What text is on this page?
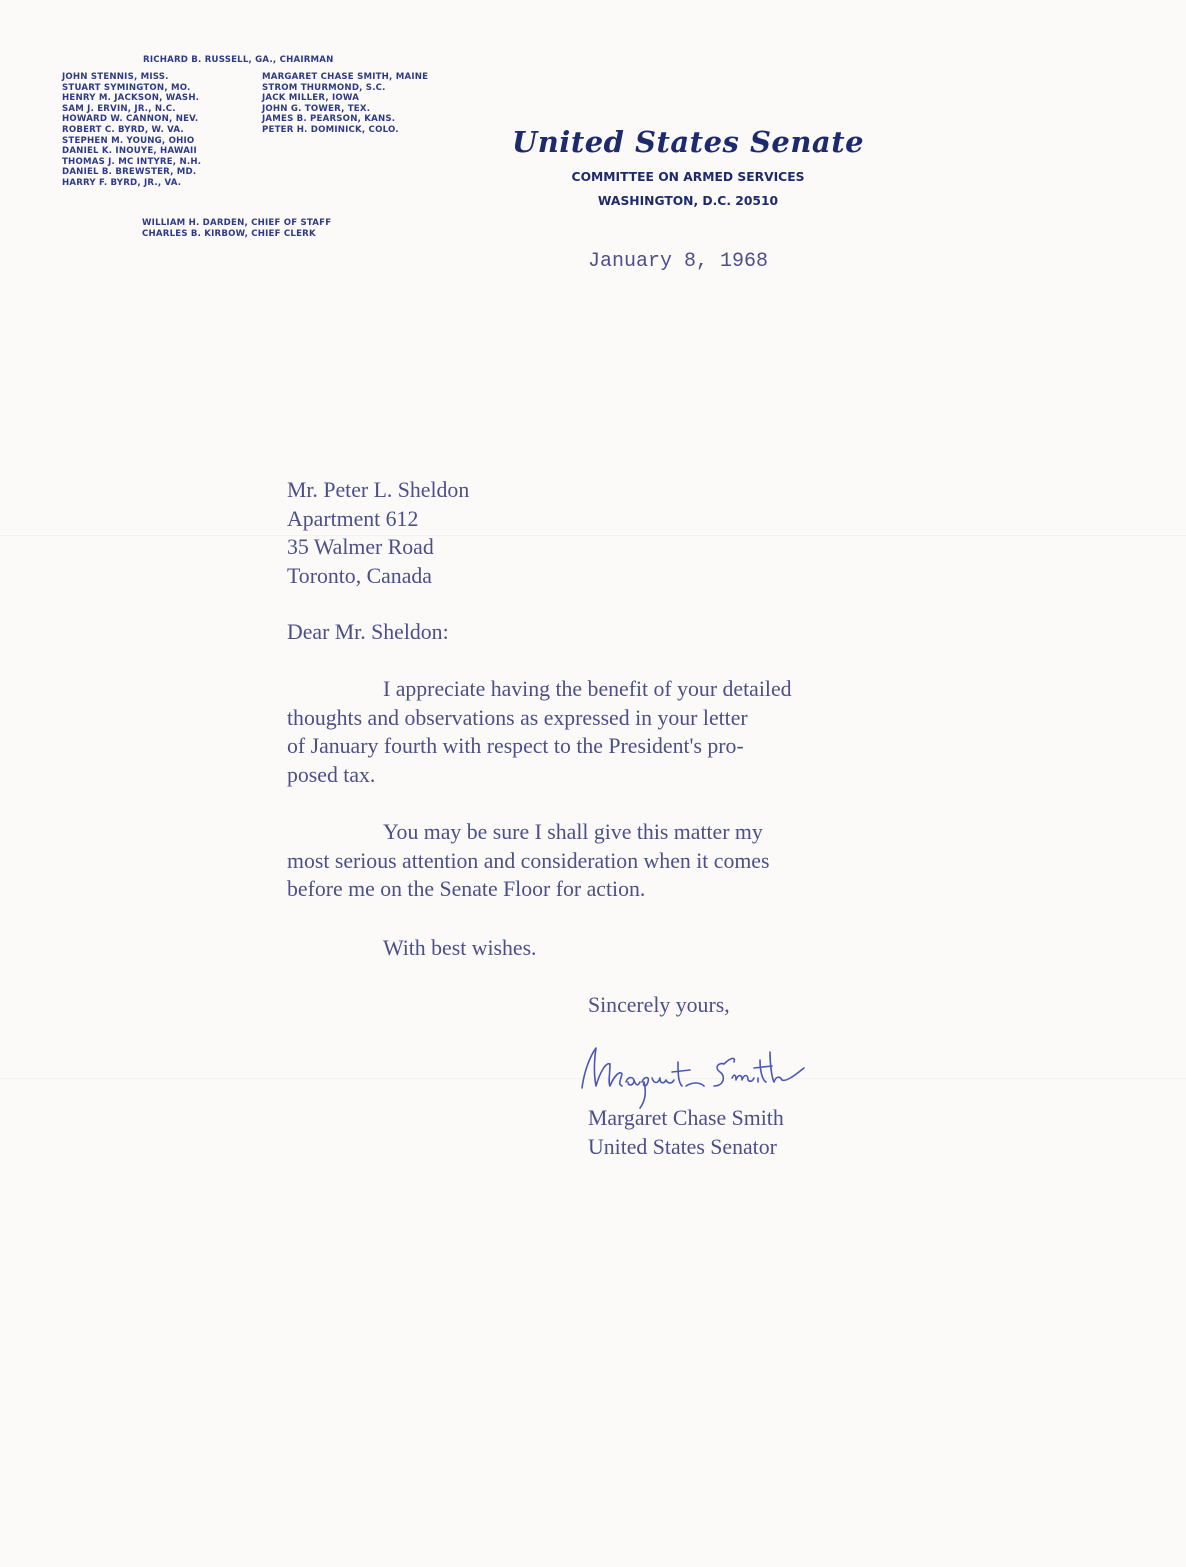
RICHARD B. RUSSELL, GA., CHAIRMAN
JOHN STENNIS, MISS.
STUART SYMINGTON, MO.
HENRY M. JACKSON, WASH.
SAM J. ERVIN, JR., N.C.
HOWARD W. CANNON, NEV.
ROBERT C. BYRD, W. VA.
STEPHEN M. YOUNG, OHIO
DANIEL K. INOUYE, HAWAII
THOMAS J. MC INTYRE, N.H.
DANIEL B. BREWSTER, MD.
HARRY F. BYRD, JR., VA.
MARGARET CHASE SMITH, MAINE
STROM THURMOND, S.C.
JACK MILLER, IOWA
JOHN G. TOWER, TEX.
JAMES B. PEARSON, KANS.
PETER H. DOMINICK, COLO.
WILLIAM H. DARDEN, CHIEF OF STAFF
CHARLES B. KIRBOW, CHIEF CLERK
United States Senate
COMMITTEE ON ARMED SERVICES
WASHINGTON, D.C. 20510
January 8, 1968
Mr. Peter L. Sheldon
Apartment 612
35 Walmer Road
Toronto, Canada
Dear Mr. Sheldon:
I appreciate having the benefit of your detailed
thoughts and observations as expressed in your letter
of January fourth with respect to the President's pro-
posed tax.
You may be sure I shall give this matter my
most serious attention and consideration when it comes
before me on the Senate Floor for action.
With best wishes.
Sincerely yours,
Margaret Chase Smith
United States Senator
